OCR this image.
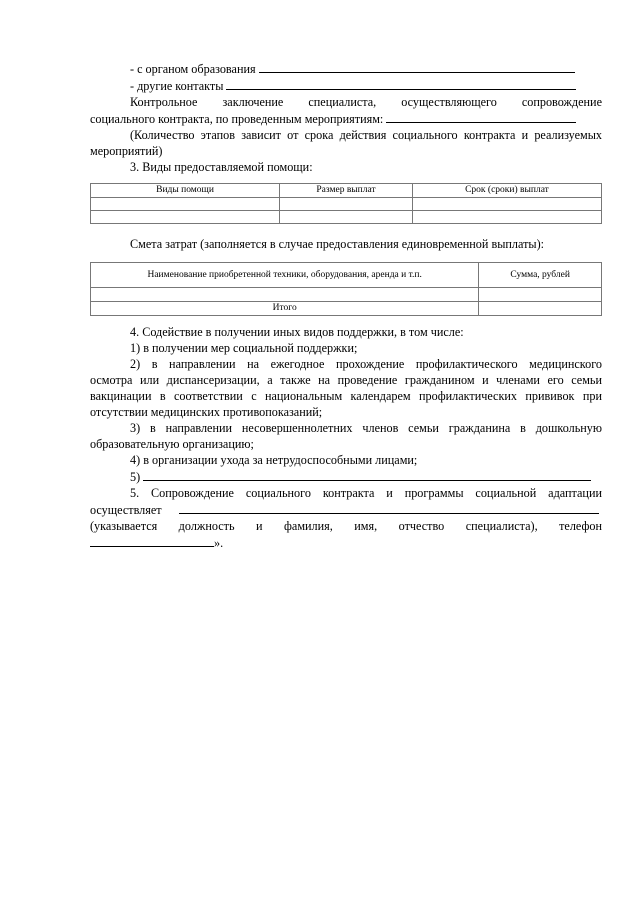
- с органом образования
- другие контакты
Контрольное заключение специалиста, осуществляющего сопровождение
социального контракта, по проведенным мероприятиям:
(Количество этапов зависит от срока действия социального контракта и реализуемых
мероприятий)
3. Виды предоставляемой помощи:
Виды помощи	Размер выплат	Срок (сроки) выплат

Смета затрат (заполняется в случае предоставления единовременной выплаты):
Наименование приобретенной техники, оборудования, аренда и т.п.	Сумма, рублей

Итого	
4. Содействие в получении иных видов поддержки, в том числе:
1) в получении мер социальной поддержки;
2) в направлении на ежегодное прохождение профилактического медицинского
осмотра или диспансеризации, а также на проведение гражданином и членами его семьи
вакцинации в соответствии с национальным календарем профилактических прививок при
отсутствии медицинских противопоказаний;
3) в направлении несовершеннолетних членов семьи гражданина в дошкольную
образовательную организацию;
4) в организации ухода за нетрудоспособными лицами;
5)
5. Сопровождение социального контракта и программы социальной адаптации
осуществляет
(указывается должность и фамилия, имя, отчество специалиста), телефон
».
